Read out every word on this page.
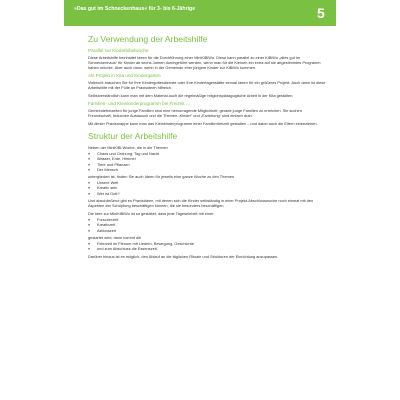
»Das gut im Schneckenhaus« für 3- bis 6-Jährige	5
Zu Verwendung der Arbeitshilfe
Parallel zur Kinderbibelwoche

Diese Arbeitshilfe beinhaltet Ideen für die Durchführung einer MiniKiBiWo. Diese kann parallel zu einer KiBiWo „alles gut im Schneckenhaus“ für Kinder ab sechs Jahren durchgeführt werden, wenn man für die Kleinen ein extra auf sie abgestimmtes Programm haben möchte. Aber auch dann, wenn in der Gemeinde eher jüngere Kinder zur KiBiWo kommen.

Als Projekt in Kita und Kindergarten

Vielleicht brauchen Sie für Ihre Kindergottesdienste oder Ihre Kindertagesstätte einmal Ideen für ein größeres Projekt. Auch dann ist diese Arbeitshilfe mit der Fülle an Praxisideen hilfreich.

Selbstverständlich kann man mit dem Material auch die regelmäßige religionspädagogische Arbeit in der Kita gestalten.

Familien- und Kleinkinderprogramm bei Freizeit …

Gemeindefreizeiten für junge Familien sind eine hervorragende Möglichkeit, gerade junge Familien zu erreichen. Sie suchen Freundschaft, brauchen Austausch und die Themen „Kinder“ und „Erziehung“ sind einfach dran.

Mit dieser Praxismappe kann man das Kleinkinderprogramm einer Familienfreizeit gestalten – und dabei auch die Eltern einbeziehen.

Struktur der Arbeitshilfe

Neben der MiniKiBi-Woche, die in die Themen

» Chaos und Ordnung, Tag und Nacht
» Wasser, Erde, Himmel
» Tiere und Pflanzen
» Der Mensch

untergliedert ist, finden Sie auch Ideen für jeweils eine ganze Woche zu den Themen

» Unsere Welt
» Kreativ sein
» Wer ist Gott?

Und abschließend gibt es Praxisideen, mit denen sich die Kinder selbständig in einer Projekt-Abschlusswoche noch einmal mit den Aspekten der Schöpfung beschäftigen können, die sie besonders beschäftigen.

Die Idee zur MiniKiBiWo ist so gestaltet, dass jede Tageseinheit mit einer

» Forscherzeit
» Kreativzeit
» Aktionszeit

gestartet wird, dann kommt die

» Feierzeit im Plenum mit Liedern, Bewegung, Geschichte
» und zum Abschluss die Essenszeit.

Darüber hinaus ist es möglich, den Ablauf an die täglichen Rituale und Strukturen der Einrichtung anzupassen.
